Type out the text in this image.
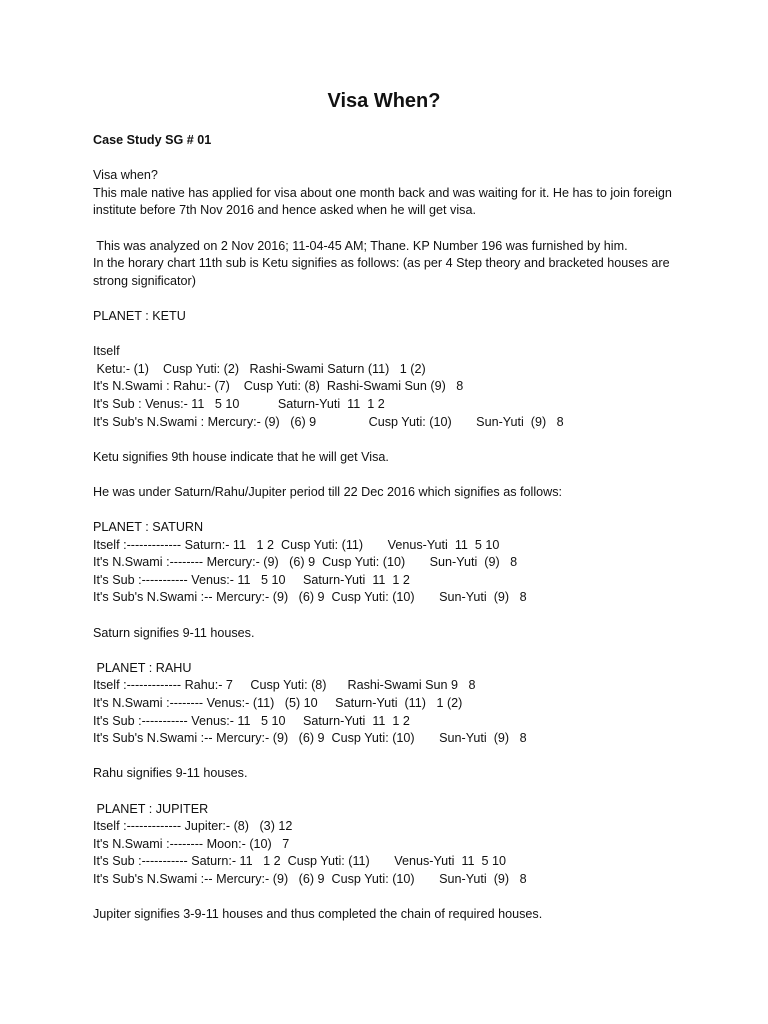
Visa When?
Case Study SG # 01
Visa when?
This male native has applied for visa about one month back and was waiting for it. He has to join foreign institute before 7th Nov 2016 and hence asked when he will get visa.
This was analyzed on 2 Nov 2016; 11-04-45 AM; Thane. KP Number 196 was furnished by him.
In the horary chart 11th sub is Ketu signifies as follows: (as per 4 Step theory and bracketed houses are strong significator)
PLANET : KETU
Itself
Ketu:- (1)    Cusp Yuti: (2)   Rashi-Swami Saturn (11)   1 (2)
It's N.Swami : Rahu:- (7)    Cusp Yuti: (8)  Rashi-Swami Sun (9)   8
It's Sub : Venus:- 11   5 10           Saturn-Yuti  11  1 2
It's Sub's N.Swami : Mercury:- (9)   (6) 9               Cusp Yuti: (10)       Sun-Yuti  (9)   8
Ketu signifies 9th house indicate that he will get Visa.
He was under Saturn/Rahu/Jupiter period till 22 Dec 2016 which signifies as follows:
PLANET : SATURN
Itself :------------- Saturn:- 11   1 2  Cusp Yuti: (11)       Venus-Yuti  11  5 10
It's N.Swami :-------- Mercury:- (9)   (6) 9  Cusp Yuti: (10)       Sun-Yuti  (9)   8
It's Sub :----------- Venus:- 11   5 10     Saturn-Yuti  11  1 2
It's Sub's N.Swami :-- Mercury:- (9)   (6) 9  Cusp Yuti: (10)       Sun-Yuti  (9)   8
Saturn signifies 9-11 houses.
PLANET : RAHU
Itself :------------- Rahu:- 7     Cusp Yuti: (8)      Rashi-Swami Sun 9   8
It's N.Swami :-------- Venus:- (11)   (5) 10     Saturn-Yuti  (11)   1 (2)
It's Sub :----------- Venus:- 11   5 10     Saturn-Yuti  11  1 2
It's Sub's N.Swami :-- Mercury:- (9)   (6) 9  Cusp Yuti: (10)       Sun-Yuti  (9)   8
Rahu signifies 9-11 houses.
PLANET : JUPITER
Itself :------------- Jupiter:- (8)   (3) 12
It's N.Swami :-------- Moon:- (10)   7
It's Sub :----------- Saturn:- 11   1 2  Cusp Yuti: (11)       Venus-Yuti  11  5 10
It's Sub's N.Swami :-- Mercury:- (9)   (6) 9  Cusp Yuti: (10)       Sun-Yuti  (9)   8
Jupiter signifies 3-9-11 houses and thus completed the chain of required houses.
